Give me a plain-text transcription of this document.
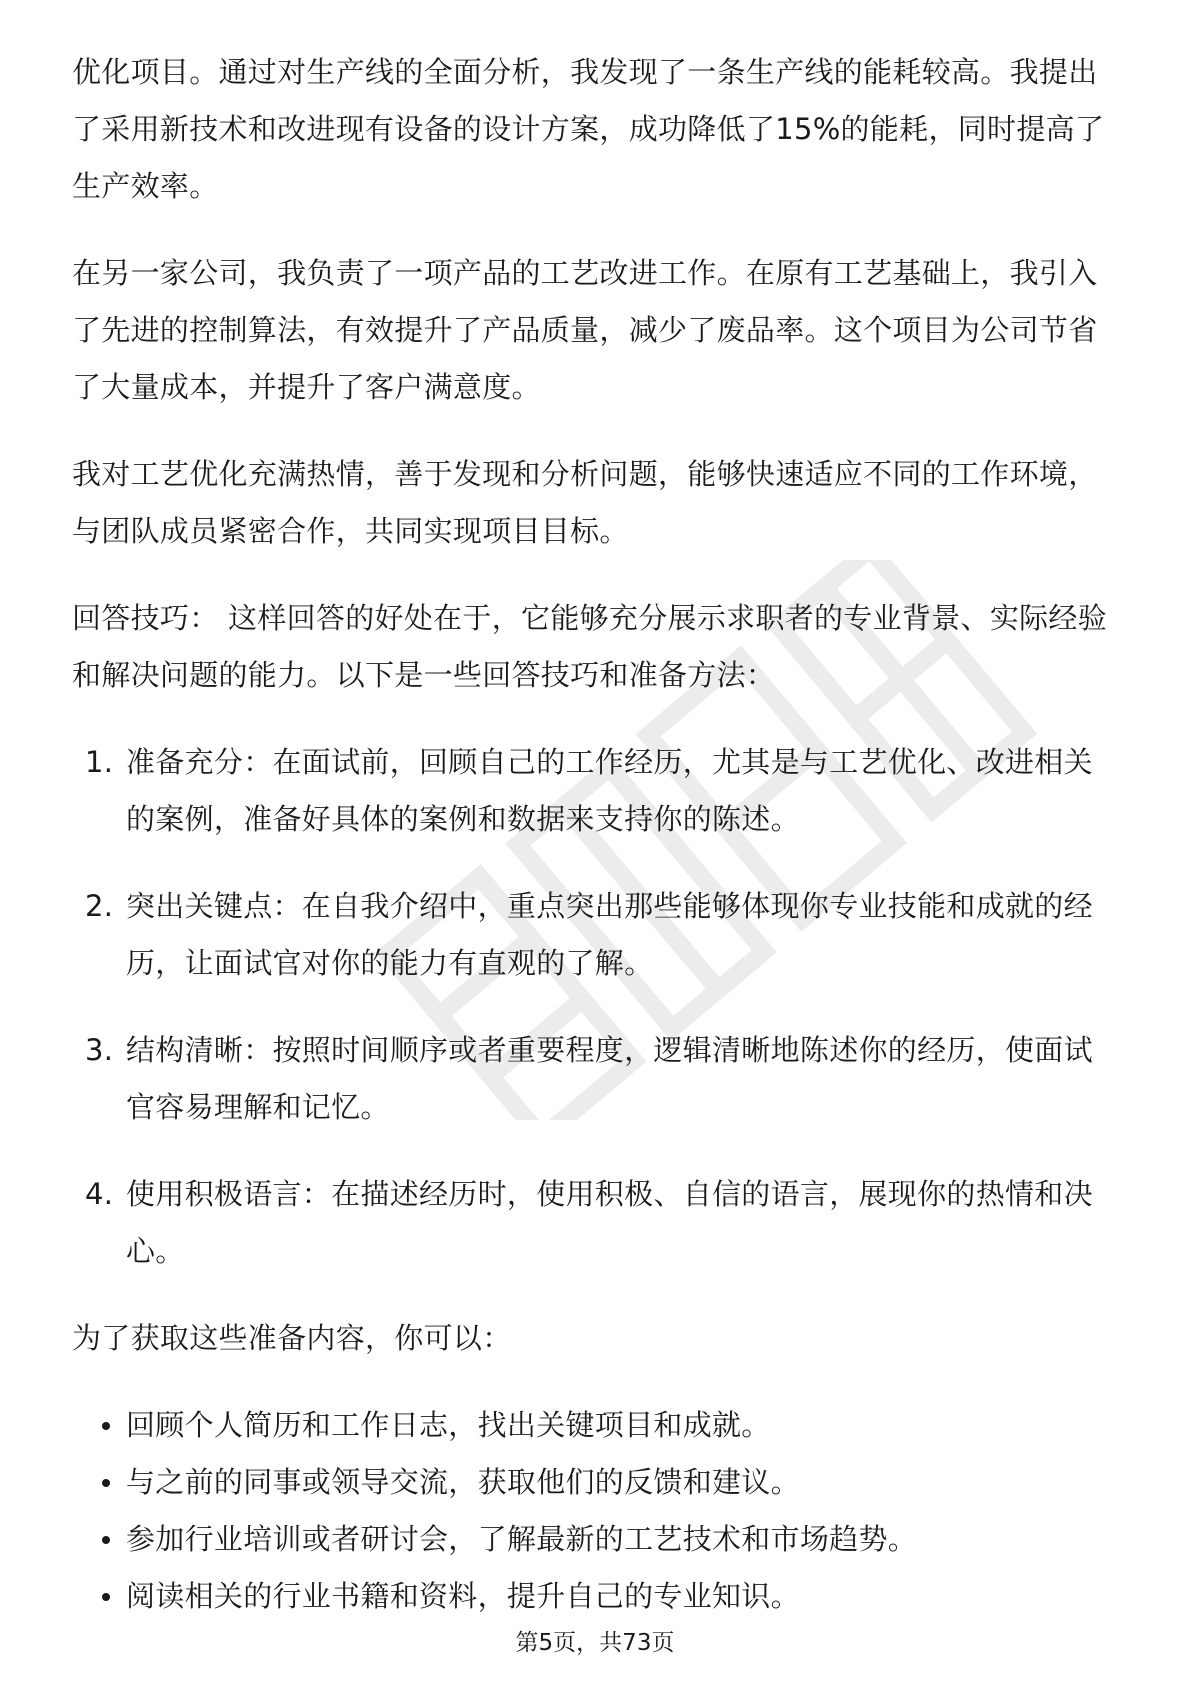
优化项目。通过对生产线的全面分析，我发现了一条生产线的能耗较高。我提出了采用新技术和改进现有设备的设计方案，成功降低了15%的能耗，同时提高了生产效率。

在另一家公司，我负责了一项产品的工艺改进工作。在原有工艺基础上，我引入了先进的控制算法，有效提升了产品质量，减少了废品率。这个项目为公司节省了大量成本，并提升了客户满意度。

我对工艺优化充满热情，善于发现和分析问题，能够快速适应不同的工作环境，与团队成员紧密合作，共同实现项目目标。

回答技巧： 这样回答的好处在于，它能够充分展示求职者的专业背景、实际经验和解决问题的能力。以下是一些回答技巧和准备方法：

1. 准备充分：在面试前，回顾自己的工作经历，尤其是与工艺优化、改进相关的案例，准备好具体的案例和数据来支持你的陈述。
2. 突出关键点：在自我介绍中，重点突出那些能够体现你专业技能和成就的经历，让面试官对你的能力有直观的了解。
3. 结构清晰：按照时间顺序或者重要程度，逻辑清晰地陈述你的经历，使面试官容易理解和记忆。
4. 使用积极语言：在描述经历时，使用积极、自信的语言，展现你的热情和决心。

为了获取这些准备内容，你可以：

回顾个人简历和工作日志，找出关键项目和成就。
与之前的同事或领导交流，获取他们的反馈和建议。
参加行业培训或者研讨会，了解最新的工艺技术和市场趋势。
阅读相关的行业书籍和资料，提升自己的专业知识。
第5页，共73页
